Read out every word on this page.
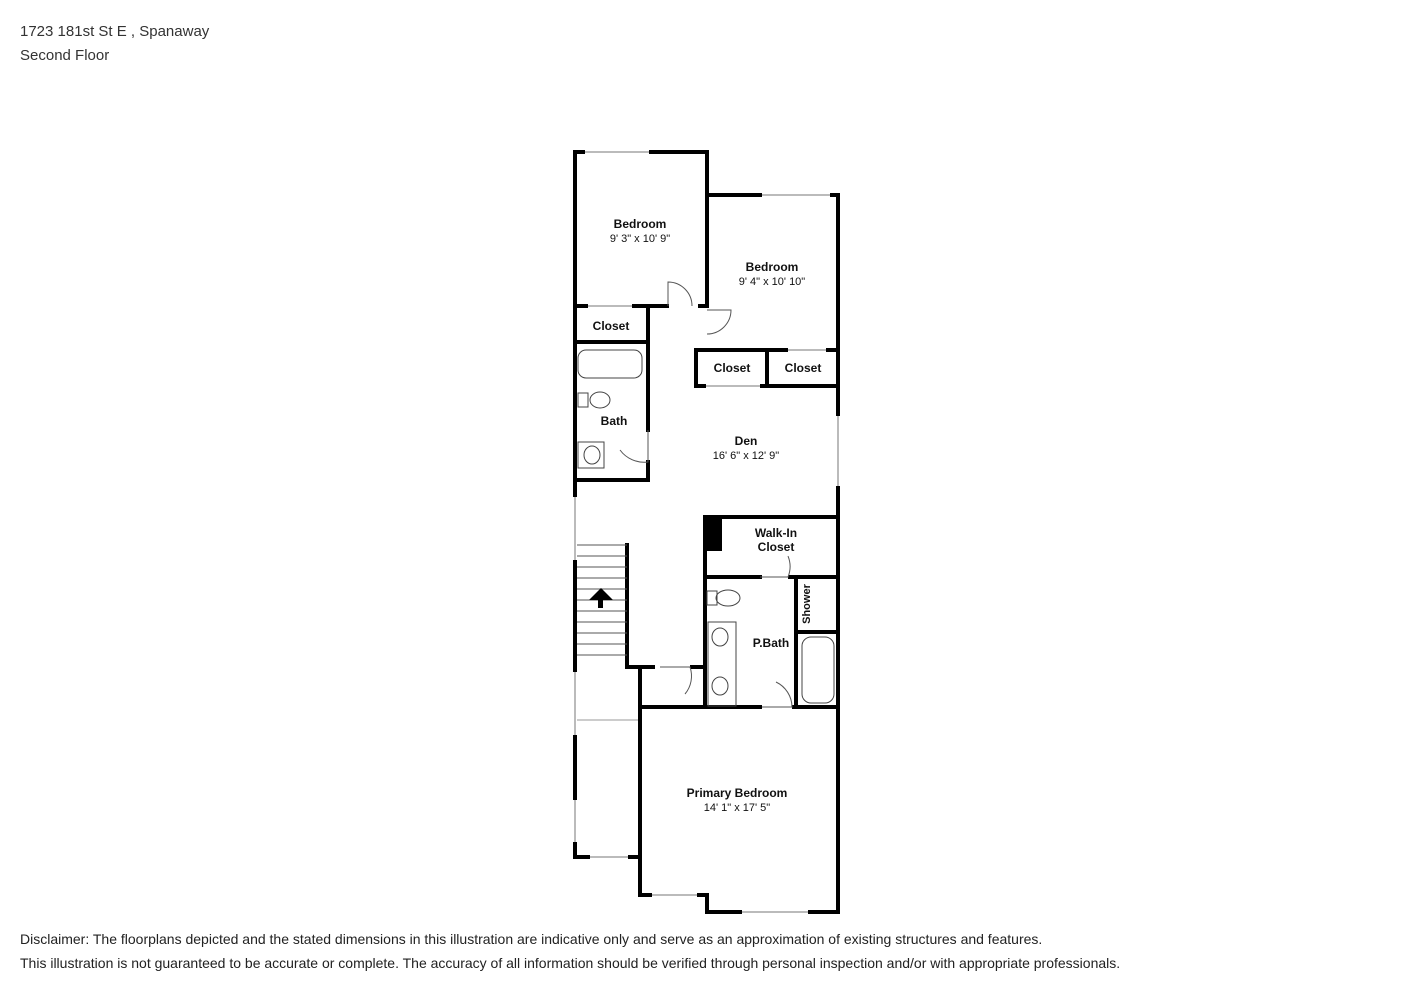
1723 181st St E , Spanaway
Second Floor
Bedroom
9' 3" x 10' 9"
Bedroom
9' 4" x 10' 10"
Closet
Closet	Closet
Bath
Den
16' 6" x 12' 9"
Walk-In
Closet
Shower
P.Bath
Primary Bedroom
14' 1" x 17' 5"
Disclaimer: The floorplans depicted and the stated dimensions in this illustration are indicative only and serve as an approximation of existing structures and features.
This illustration is not guaranteed to be accurate or complete. The accuracy of all information should be verified through personal inspection and/or with appropriate professionals.
